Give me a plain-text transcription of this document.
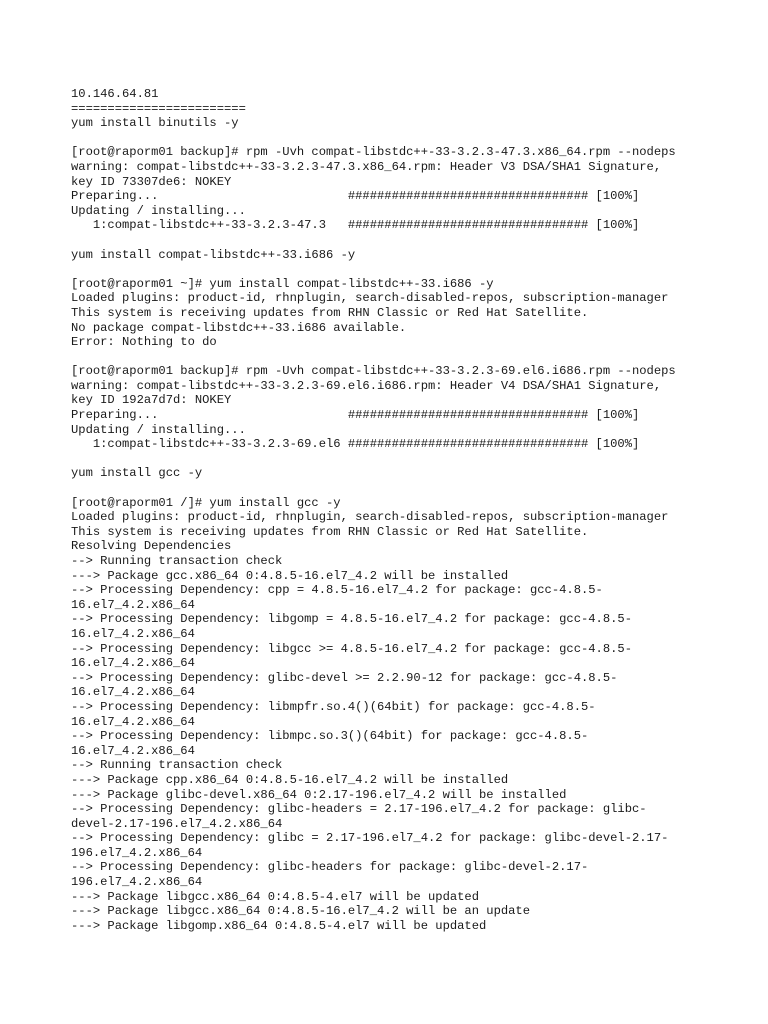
10.146.64.81
========================
yum install binutils -y
[root@raporm01 backup]# rpm -Uvh compat-libstdc++-33-3.2.3-47.3.x86_64.rpm --nodeps
warning: compat-libstdc++-33-3.2.3-47.3.x86_64.rpm: Header V3 DSA/SHA1 Signature,
key ID 73307de6: NOKEY
Preparing...                          ################################# [100%]
Updating / installing...
1:compat-libstdc++-33-3.2.3-47.3   ################################# [100%]
yum install compat-libstdc++-33.i686 -y
[root@raporm01 ~]# yum install compat-libstdc++-33.i686 -y
Loaded plugins: product-id, rhnplugin, search-disabled-repos, subscription-manager
This system is receiving updates from RHN Classic or Red Hat Satellite.
No package compat-libstdc++-33.i686 available.
Error: Nothing to do
[root@raporm01 backup]# rpm -Uvh compat-libstdc++-33-3.2.3-69.el6.i686.rpm --nodeps
warning: compat-libstdc++-33-3.2.3-69.el6.i686.rpm: Header V4 DSA/SHA1 Signature,
key ID 192a7d7d: NOKEY
Preparing...                          ################################# [100%]
Updating / installing...
1:compat-libstdc++-33-3.2.3-69.el6 ################################# [100%]
yum install gcc -y
[root@raporm01 /]# yum install gcc -y
Loaded plugins: product-id, rhnplugin, search-disabled-repos, subscription-manager
This system is receiving updates from RHN Classic or Red Hat Satellite.
Resolving Dependencies
--> Running transaction check
---> Package gcc.x86_64 0:4.8.5-16.el7_4.2 will be installed
--> Processing Dependency: cpp = 4.8.5-16.el7_4.2 for package: gcc-4.8.5-
16.el7_4.2.x86_64
--> Processing Dependency: libgomp = 4.8.5-16.el7_4.2 for package: gcc-4.8.5-
16.el7_4.2.x86_64
--> Processing Dependency: libgcc >= 4.8.5-16.el7_4.2 for package: gcc-4.8.5-
16.el7_4.2.x86_64
--> Processing Dependency: glibc-devel >= 2.2.90-12 for package: gcc-4.8.5-
16.el7_4.2.x86_64
--> Processing Dependency: libmpfr.so.4()(64bit) for package: gcc-4.8.5-
16.el7_4.2.x86_64
--> Processing Dependency: libmpc.so.3()(64bit) for package: gcc-4.8.5-
16.el7_4.2.x86_64
--> Running transaction check
---> Package cpp.x86_64 0:4.8.5-16.el7_4.2 will be installed
---> Package glibc-devel.x86_64 0:2.17-196.el7_4.2 will be installed
--> Processing Dependency: glibc-headers = 2.17-196.el7_4.2 for package: glibc-
devel-2.17-196.el7_4.2.x86_64
--> Processing Dependency: glibc = 2.17-196.el7_4.2 for package: glibc-devel-2.17-
196.el7_4.2.x86_64
--> Processing Dependency: glibc-headers for package: glibc-devel-2.17-
196.el7_4.2.x86_64
---> Package libgcc.x86_64 0:4.8.5-4.el7 will be updated
---> Package libgcc.x86_64 0:4.8.5-16.el7_4.2 will be an update
---> Package libgomp.x86_64 0:4.8.5-4.el7 will be updated
